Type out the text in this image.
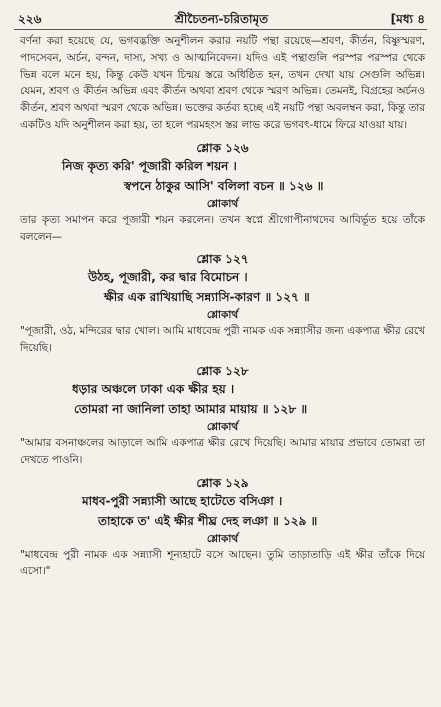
২২৬	শ্রীচৈতন্য-চরিতামৃত	[মধ্য ৪

বর্ণনা করা হয়েছে যে, ভগবদ্ভক্তি অনুশীলন করার নয়টি পন্থা রয়েছে—শ্রবণ, কীর্তন, বিষ্ণুস্মরণ, পাদসেবন, অর্চন, বন্দন, দাস্য, সখ্য ও আত্মনিবেদন। যদিও এই পন্থাগুলি পরস্পর পরস্পর থেকে ভিন্ন বলে মনে হয়, কিন্তু কেউ যখন চিন্ময় স্তরে অধিষ্ঠিত হন, তখন দেখা যায় সেগুলি অভিন্ন। যেমন, শ্রবণ ও কীর্তন অভিন্ন এবং কীর্তন অথবা শ্রবণ থেকে স্মরণ অভিন্ন। তেমনই, বিগ্রহের অর্চনও কীর্তন, শ্রবণ অথবা স্মরণ থেকে অভিন্ন। ভক্তের কর্তব্য হচ্ছে এই নয়টি পন্থা অবলম্বন করা, কিন্তু তার একটিও যদি অনুশীলন করা হয়, তা হলে পরমহংস স্তর লাভ করে ভগবৎ-ধামে ফিরে যাওয়া যায়।

শ্লোক ১২৬
নিজ কৃত্য করি' পূজারী করিল শয়ন ।
স্বপনে ঠাকুর আসি' বলিলা বচন ॥ ১২৬ ॥
শ্লোকার্থ

তার কৃত্য সমাপন করে পূজারী শয়ন করলেন। তখন স্বপ্নে শ্রীগোপীনাথদেব আবির্ভূত হয়ে তাঁকে বললেন—

শ্লোক ১২৭
উঠহ, পূজারী, কর দ্বার বিমোচন ।
ক্ষীর এক রাখিয়াছি সন্ন্যাসি-কারণ ॥ ১২৭ ॥
শ্লোকার্থ

"পূজারী, ওঠ, মন্দিরের দ্বার খোল। আমি মাধবেন্দ্র পুরী নামক এক সন্ন্যাসীর জন্য একপাত্র ক্ষীর রেখে দিয়েছি।

শ্লোক ১২৮
ধড়ার অঞ্চলে ঢাকা এক ক্ষীর হয় ।
তোমরা না জানিলা তাহা আমার মায়ায় ॥ ১২৮ ॥
শ্লোকার্থ

"আমার বসনাঞ্চলের আড়ালে আমি একপাত্র ক্ষীর রেখে দিয়েছি। আমার মায়ার প্রভাবে তোমরা তা দেখতে পাওনি।

শ্লোক ১২৯
মাধব-পুরী সন্ন্যাসী আছে হাটেতে বসিঞা ।
তাহাকে ত' এই ক্ষীর শীঘ্র দেহ লঞা ॥ ১২৯ ॥
শ্লোকার্থ

"মাধবেন্দ্র পুরী নামক এক সন্ন্যাসী শূন্যহাটে বসে আছেন। তুমি তাড়াতাড়ি এই ক্ষীর তাঁকে দিয়ে এসো।"
